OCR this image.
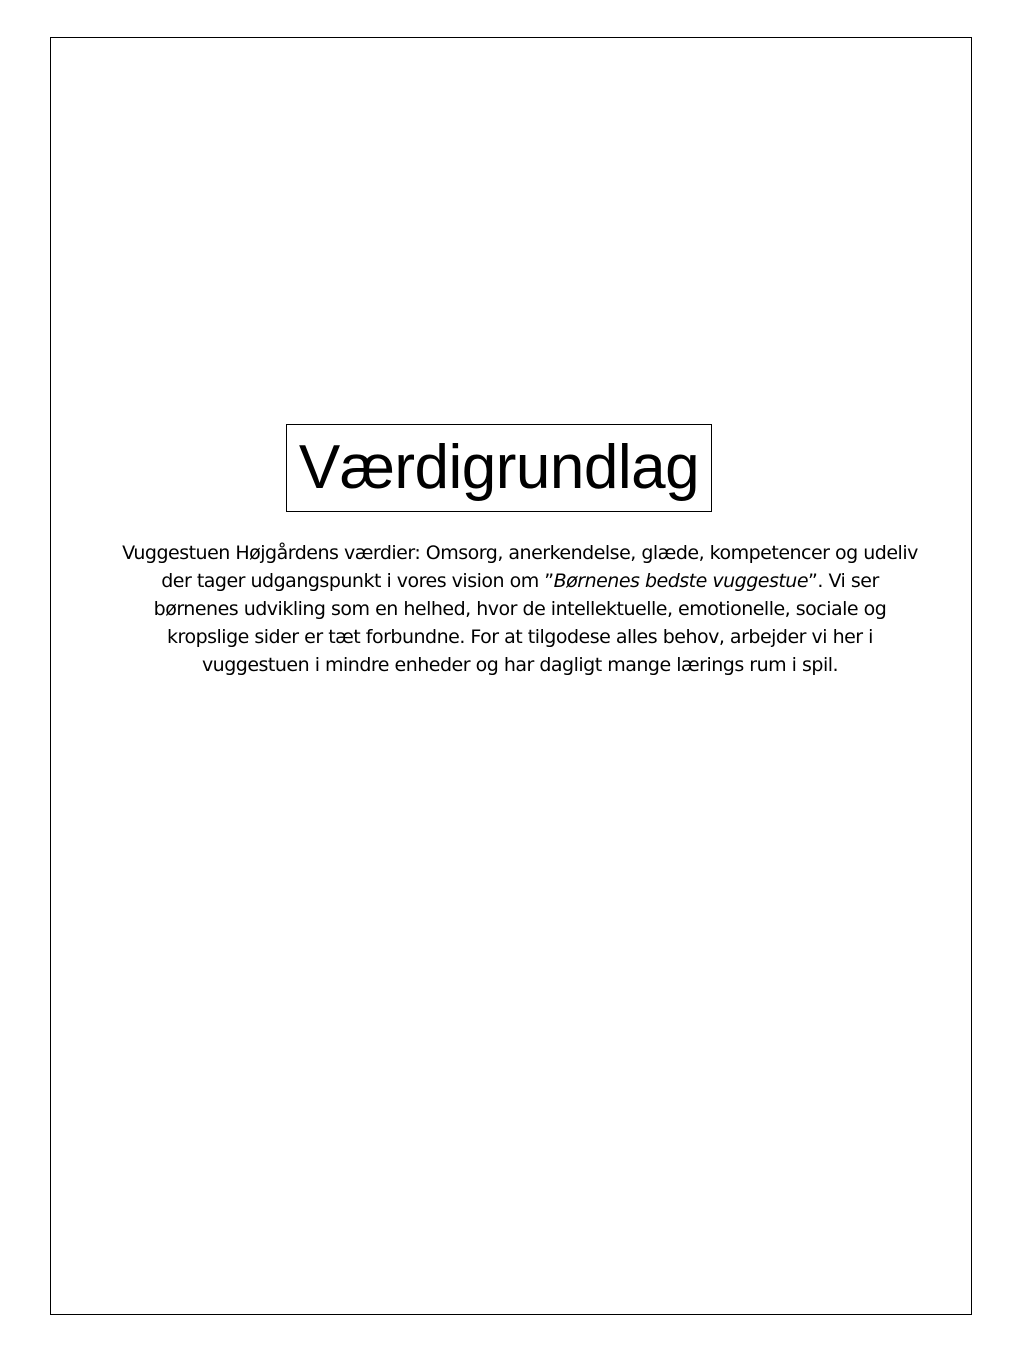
Værdigrundlag

Vuggestuen Højgårdens værdier: Omsorg, anerkendelse, glæde, kompetencer og udeliv der tager udgangspunkt i vores vision om ”Børnenes bedste vuggestue”. Vi ser børnenes udvikling som en helhed, hvor de intellektuelle, emotionelle, sociale og kropslige sider er tæt forbundne. For at tilgodese alles behov, arbejder vi her i vuggestuen i mindre enheder og har dagligt mange lærings rum i spil.
